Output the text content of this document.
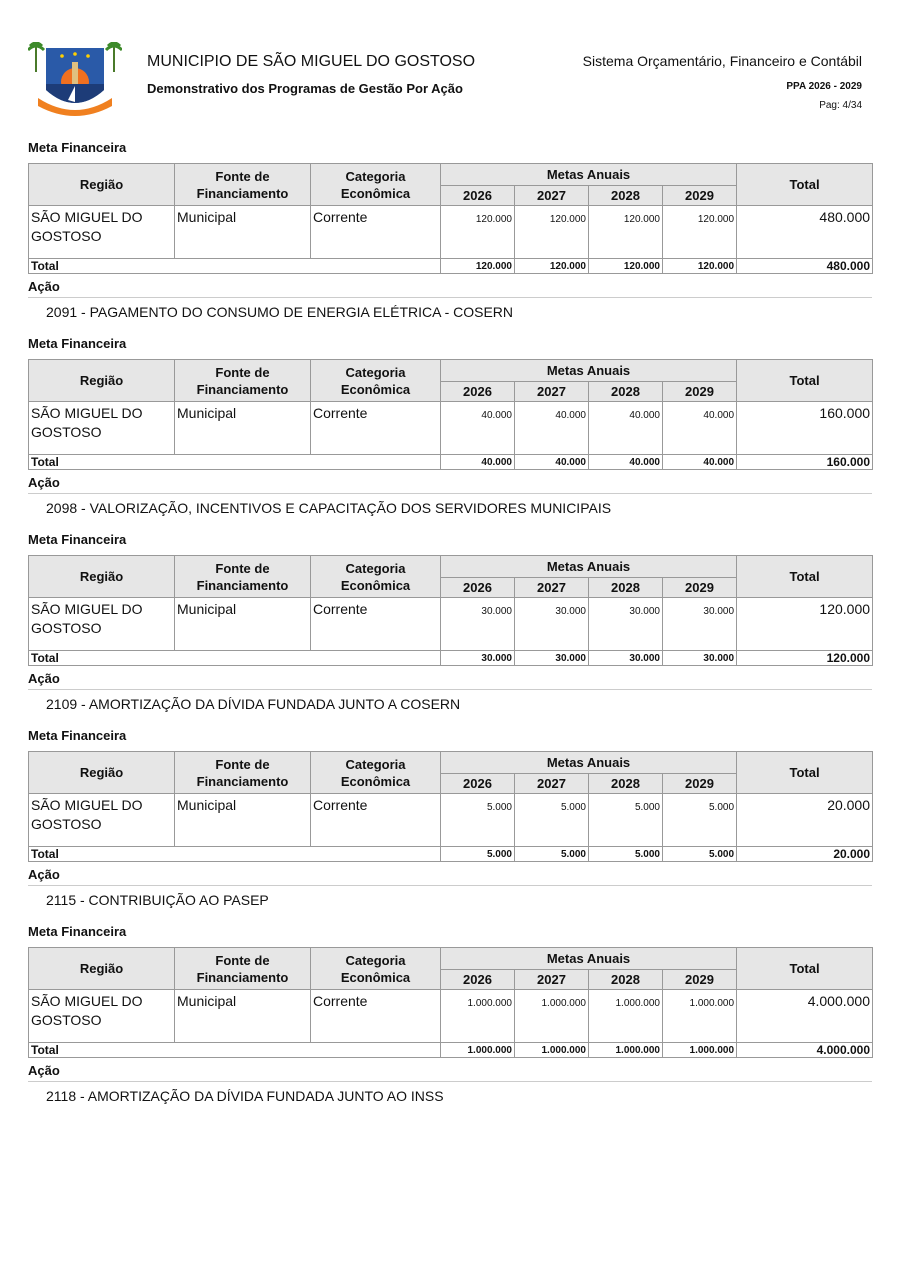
MUNICIPIO DE SÃO MIGUEL DO GOSTOSO
Demonstrativo dos Programas de Gestão Por Ação
Sistema Orçamentário, Financeiro e Contábil
PPA 2026 - 2029
Pag: 4/34
Meta Financeira
Região	Fonte de Financiamento	Categoria Econômica	Metas Anuais				Total
			2026	2027	2028	2029	
SÃO MIGUEL DO GOSTOSO	Municipal	Corrente	120.000	120.000	120.000	120.000	480.000
Total			120.000	120.000	120.000	120.000	480.000
Ação
2091 - PAGAMENTO DO CONSUMO DE ENERGIA ELÉTRICA - COSERN
Meta Financeira
Região	Fonte de Financiamento	Categoria Econômica	Metas Anuais				Total
			2026	2027	2028	2029	
SÃO MIGUEL DO GOSTOSO	Municipal	Corrente	40.000	40.000	40.000	40.000	160.000
Total			40.000	40.000	40.000	40.000	160.000
Ação
2098 - VALORIZAÇÃO, INCENTIVOS E CAPACITAÇÃO DOS SERVIDORES MUNICIPAIS
Meta Financeira
Região	Fonte de Financiamento	Categoria Econômica	Metas Anuais				Total
			2026	2027	2028	2029	
SÃO MIGUEL DO GOSTOSO	Municipal	Corrente	30.000	30.000	30.000	30.000	120.000
Total			30.000	30.000	30.000	30.000	120.000
Ação
2109 - AMORTIZAÇÃO DA DÍVIDA FUNDADA JUNTO A COSERN
Meta Financeira
Região	Fonte de Financiamento	Categoria Econômica	Metas Anuais				Total
			2026	2027	2028	2029	
SÃO MIGUEL DO GOSTOSO	Municipal	Corrente	5.000	5.000	5.000	5.000	20.000
Total			5.000	5.000	5.000	5.000	20.000
Ação
2115 - CONTRIBUIÇÃO AO PASEP
Meta Financeira
Região	Fonte de Financiamento	Categoria Econômica	Metas Anuais				Total
			2026	2027	2028	2029	
SÃO MIGUEL DO GOSTOSO	Municipal	Corrente	1.000.000	1.000.000	1.000.000	1.000.000	4.000.000
Total			1.000.000	1.000.000	1.000.000	1.000.000	4.000.000
Ação
2118 - AMORTIZAÇÃO DA DÍVIDA FUNDADA JUNTO AO INSS
